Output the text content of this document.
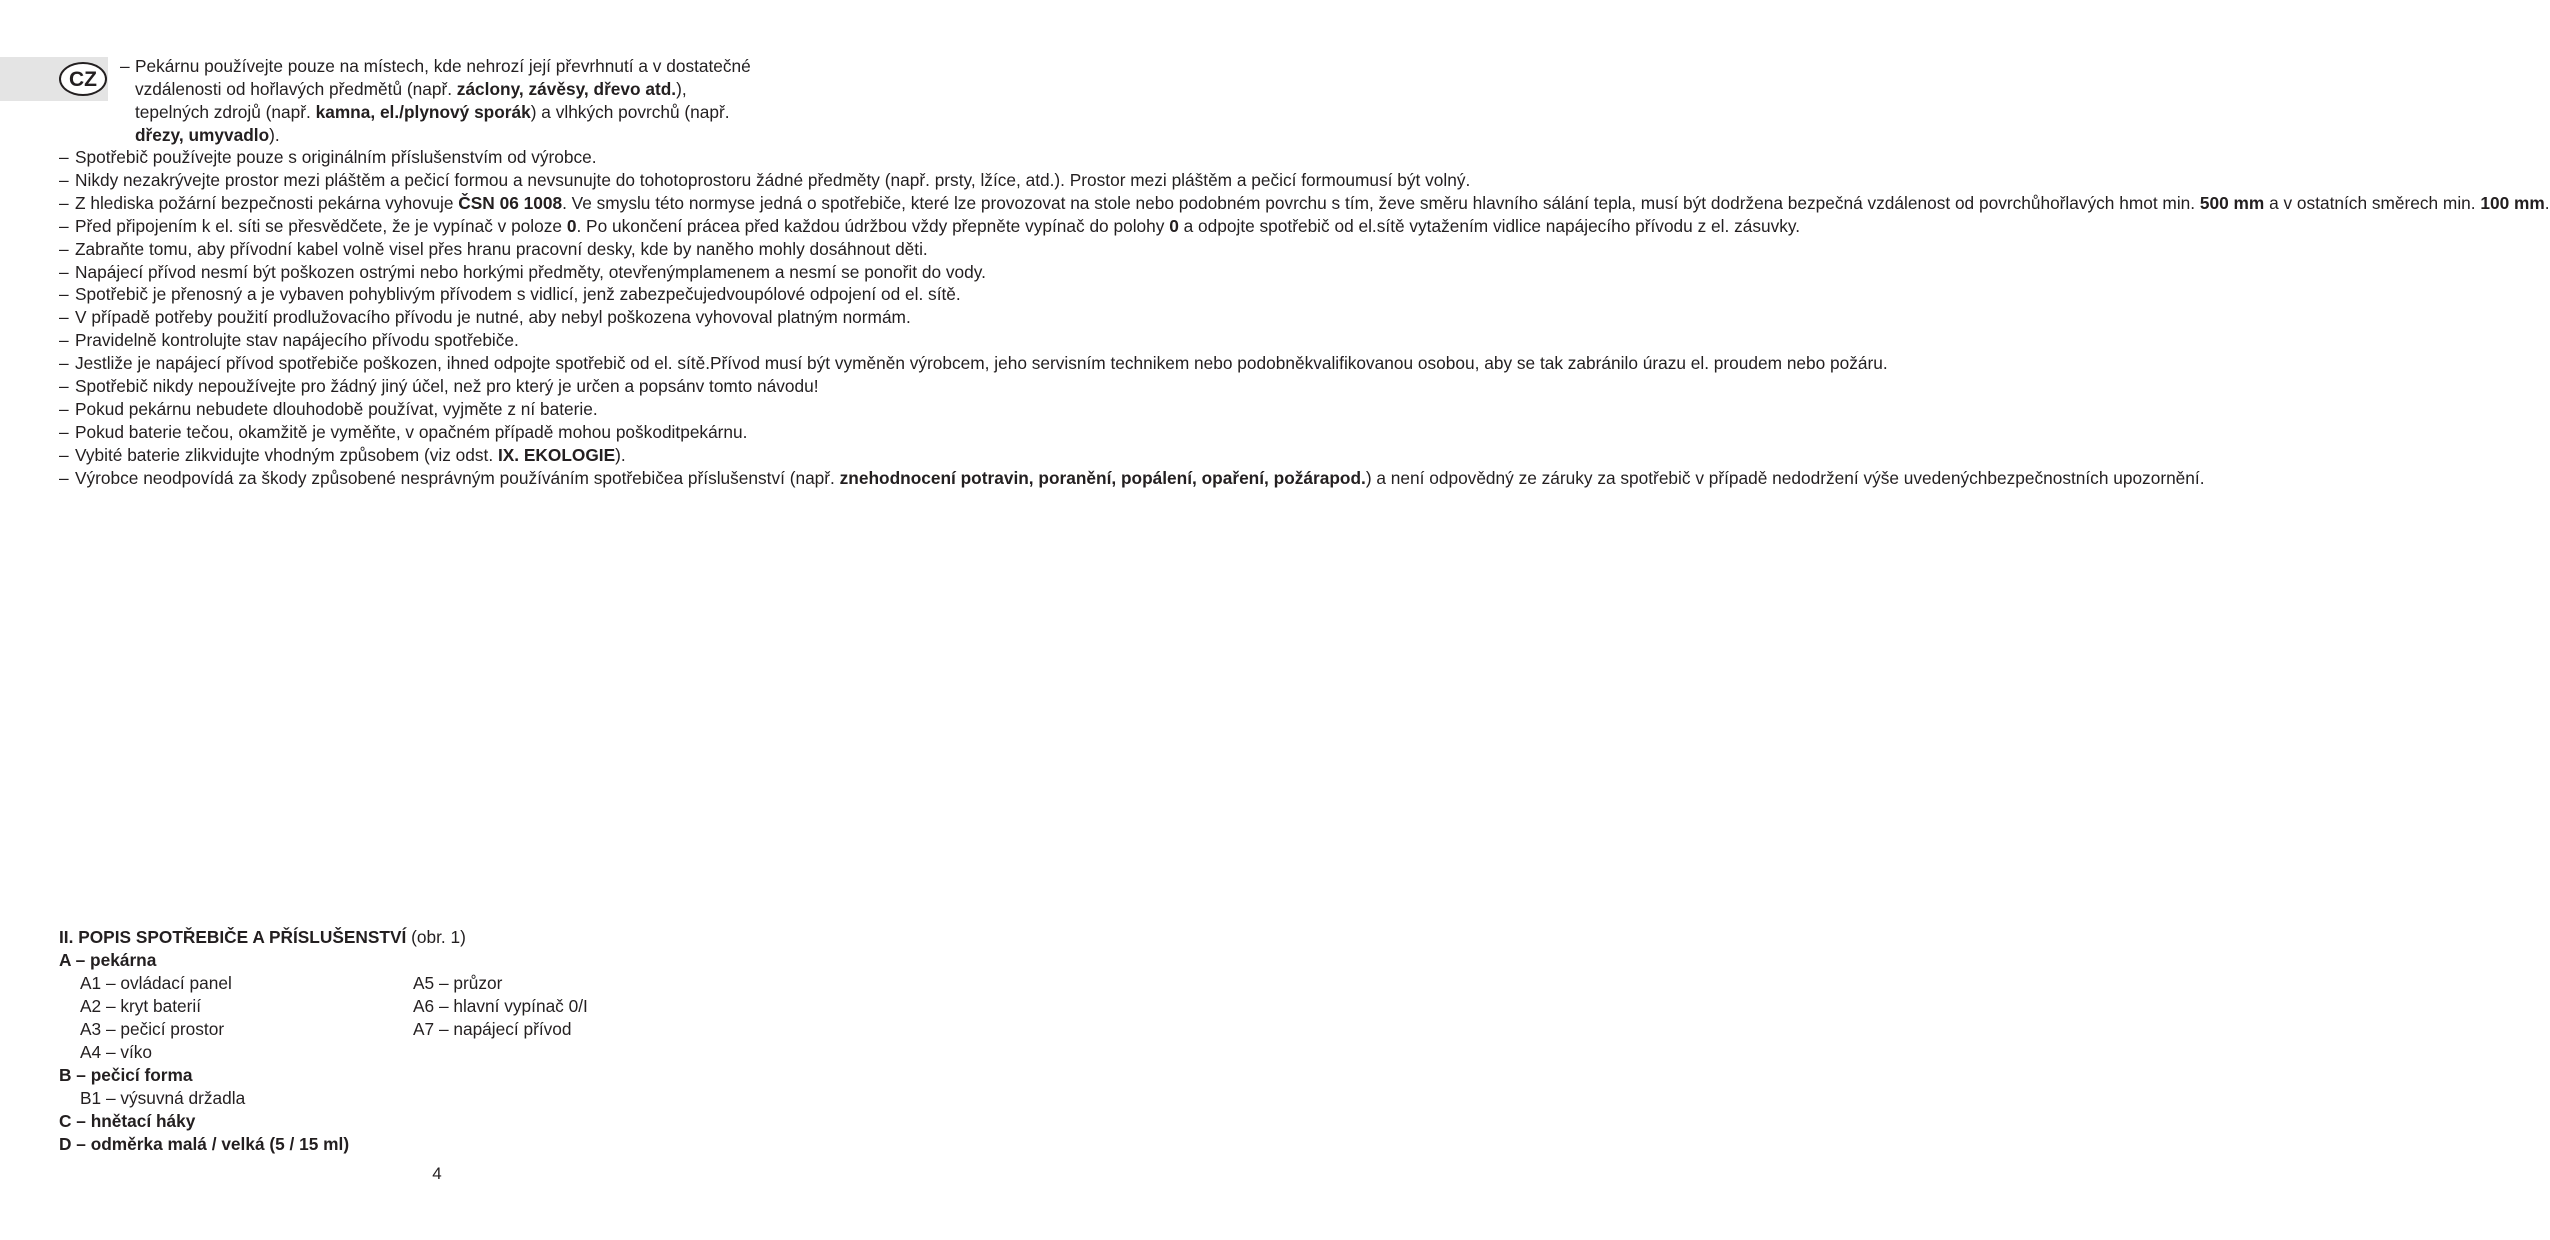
CZ
– Pekárnu používejte pouze na místech, kde nehrozí její převrhnutí a v dostatečné
vzdálenosti od hořlavých předmětů (např. záclony, závěsy, dřevo atd.),
tepelných zdrojů (např. kamna, el./plynový sporák) a vlhkých povrchů (např.
dřezy, umyvadlo).
– Spotřebič používejte pouze s originálním příslušenstvím od výrobce.
– Nikdy nezakrývejte prostor mezi pláštěm a pečicí formou a nevsunujte do tohotoprostoru žádné předměty (např. prsty, lžíce, atd.). Prostor mezi pláštěm a pečicí formoumusí být volný.
– Z hlediska požární bezpečnosti pekárna vyhovuje ČSN 06 1008. Ve smyslu této normyse jedná o spotřebiče, které lze provozovat na stole nebo podobném povrchu s tím, ževe směru hlavního sálání tepla, musí být dodržena bezpečná vzdálenost od povrchůhořlavých hmot min. 500 mm a v ostatních směrech min. 100 mm.
– Před připojením k el. síti se přesvědčete, že je vypínač v poloze 0. Po ukončení prácea před každou údržbou vždy přepněte vypínač do polohy 0 a odpojte spotřebič od el.sítě vytažením vidlice napájecího přívodu z el. zásuvky.
– Zabraňte tomu, aby přívodní kabel volně visel přes hranu pracovní desky, kde by naněho mohly dosáhnout děti.
– Napájecí přívod nesmí být poškozen ostrými nebo horkými předměty, otevřenýmplamenem a nesmí se ponořit do vody.
– Spotřebič je přenosný a je vybaven pohyblivým přívodem s vidlicí, jenž zabezpečujedvoupólové odpojení od el. sítě.
– V případě potřeby použití prodlužovacího přívodu je nutné, aby nebyl poškozena vyhovoval platným normám.
– Pravidelně kontrolujte stav napájecího přívodu spotřebiče.
– Jestliže je napájecí přívod spotřebiče poškozen, ihned odpojte spotřebič od el. sítě.Přívod musí být vyměněn výrobcem, jeho servisním technikem nebo podobněkvalifikovanou osobou, aby se tak zabránilo úrazu el. proudem nebo požáru.
– Spotřebič nikdy nepoužívejte pro žádný jiný účel, než pro který je určen a popsánv tomto návodu!
– Pokud pekárnu nebudete dlouhodobě používat, vyjměte z ní baterie.
– Pokud baterie tečou, okamžitě je vyměňte, v opačném případě mohou poškoditpekárnu.
– Vybité baterie zlikvidujte vhodným způsobem (viz odst. IX. EKOLOGIE).
– Výrobce neodpovídá za škody způsobené nesprávným používáním spotřebičea příslušenství (např. znehodnocení potravin, poranění, popálení, opaření, požárapod.) a není odpovědný ze záruky za spotřebič v případě nedodržení výše uvedenýchbezpečnostních upozornění.
II. POPIS SPOTŘEBIČE A PŘÍSLUŠENSTVÍ (obr. 1)
A – pekárna
A1 – ovládací panel
A2 – kryt baterií
A3 – pečicí prostor
A4 – víko
A5 – průzor
A6 – hlavní vypínač 0/I
A7 – napájecí přívod
B – pečicí forma
B1 – výsuvná držadla
C – hnětací háky
D – odměrka malá / velká (5 / 15 ml)
4
